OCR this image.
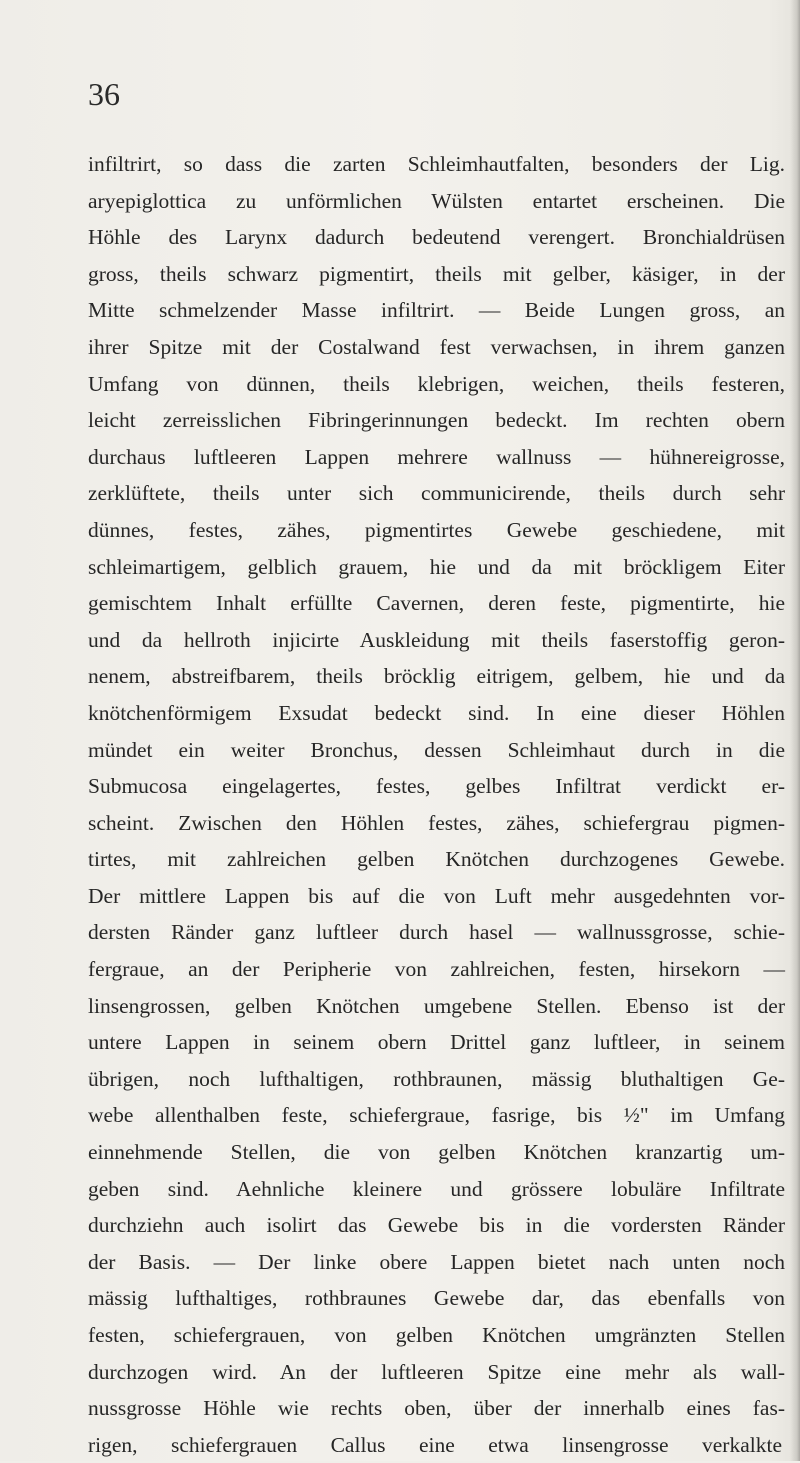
36
infiltrirt, so dass die zarten Schleimhautfalten, besonders der Lig.
aryepiglottica zu unförmlichen Wülsten entartet erscheinen. Die
Höhle des Larynx dadurch bedeutend verengert. Bronchialdrüsen
gross, theils schwarz pigmentirt, theils mit gelber, käsiger, in der
Mitte schmelzender Masse infiltrirt. — Beide Lungen gross, an
ihrer Spitze mit der Costalwand fest verwachsen, in ihrem ganzen
Umfang von dünnen, theils klebrigen, weichen, theils festeren,
leicht zerreisslichen Fibringerinnungen bedeckt. Im rechten obern
durchaus luftleeren Lappen mehrere wallnuss — hühnereigrosse,
zerklüftete, theils unter sich communicirende, theils durch sehr
dünnes, festes, zähes, pigmentirtes Gewebe geschiedene, mit
schleimartigem, gelblich grauem, hie und da mit bröckligem Eiter
gemischtem Inhalt erfüllte Cavernen, deren feste, pigmentirte, hie
und da hellroth injicirte Auskleidung mit theils faserstoffig geron-
nenem, abstreifbarem, theils bröcklig eitrigem, gelbem, hie und da
knötchenförmigem Exsudat bedeckt sind. In eine dieser Höhlen
mündet ein weiter Bronchus, dessen Schleimhaut durch in die
Submucosa eingelagertes, festes, gelbes Infiltrat verdickt er-
scheint. Zwischen den Höhlen festes, zähes, schiefergrau pigmen-
tirtes, mit zahlreichen gelben Knötchen durchzogenes Gewebe.
Der mittlere Lappen bis auf die von Luft mehr ausgedehnten vor-
dersten Ränder ganz luftleer durch hasel — wallnussgrosse, schie-
fergraue, an der Peripherie von zahlreichen, festen, hirsekorn —
linsengrossen, gelben Knötchen umgebene Stellen. Ebenso ist der
untere Lappen in seinem obern Drittel ganz luftleer, in seinem
übrigen, noch lufthaltigen, rothbraunen, mässig bluthaltigen Ge-
webe allenthalben feste, schiefergraue, fasrige, bis ½" im Umfang
einnehmende Stellen, die von gelben Knötchen kranzartig um-
geben sind. Aehnliche kleinere und grössere lobuläre Infiltrate
durchziehn auch isolirt das Gewebe bis in die vordersten Ränder
der Basis. — Der linke obere Lappen bietet nach unten noch
mässig lufthaltiges, rothbraunes Gewebe dar, das ebenfalls von
festen, schiefergrauen, von gelben Knötchen umgränzten Stellen
durchzogen wird. An der luftleeren Spitze eine mehr als wall-
nussgrosse Höhle wie rechts oben, über der innerhalb eines fas-
rigen, schiefergrauen Callus eine etwa linsengrosse verkalkte
